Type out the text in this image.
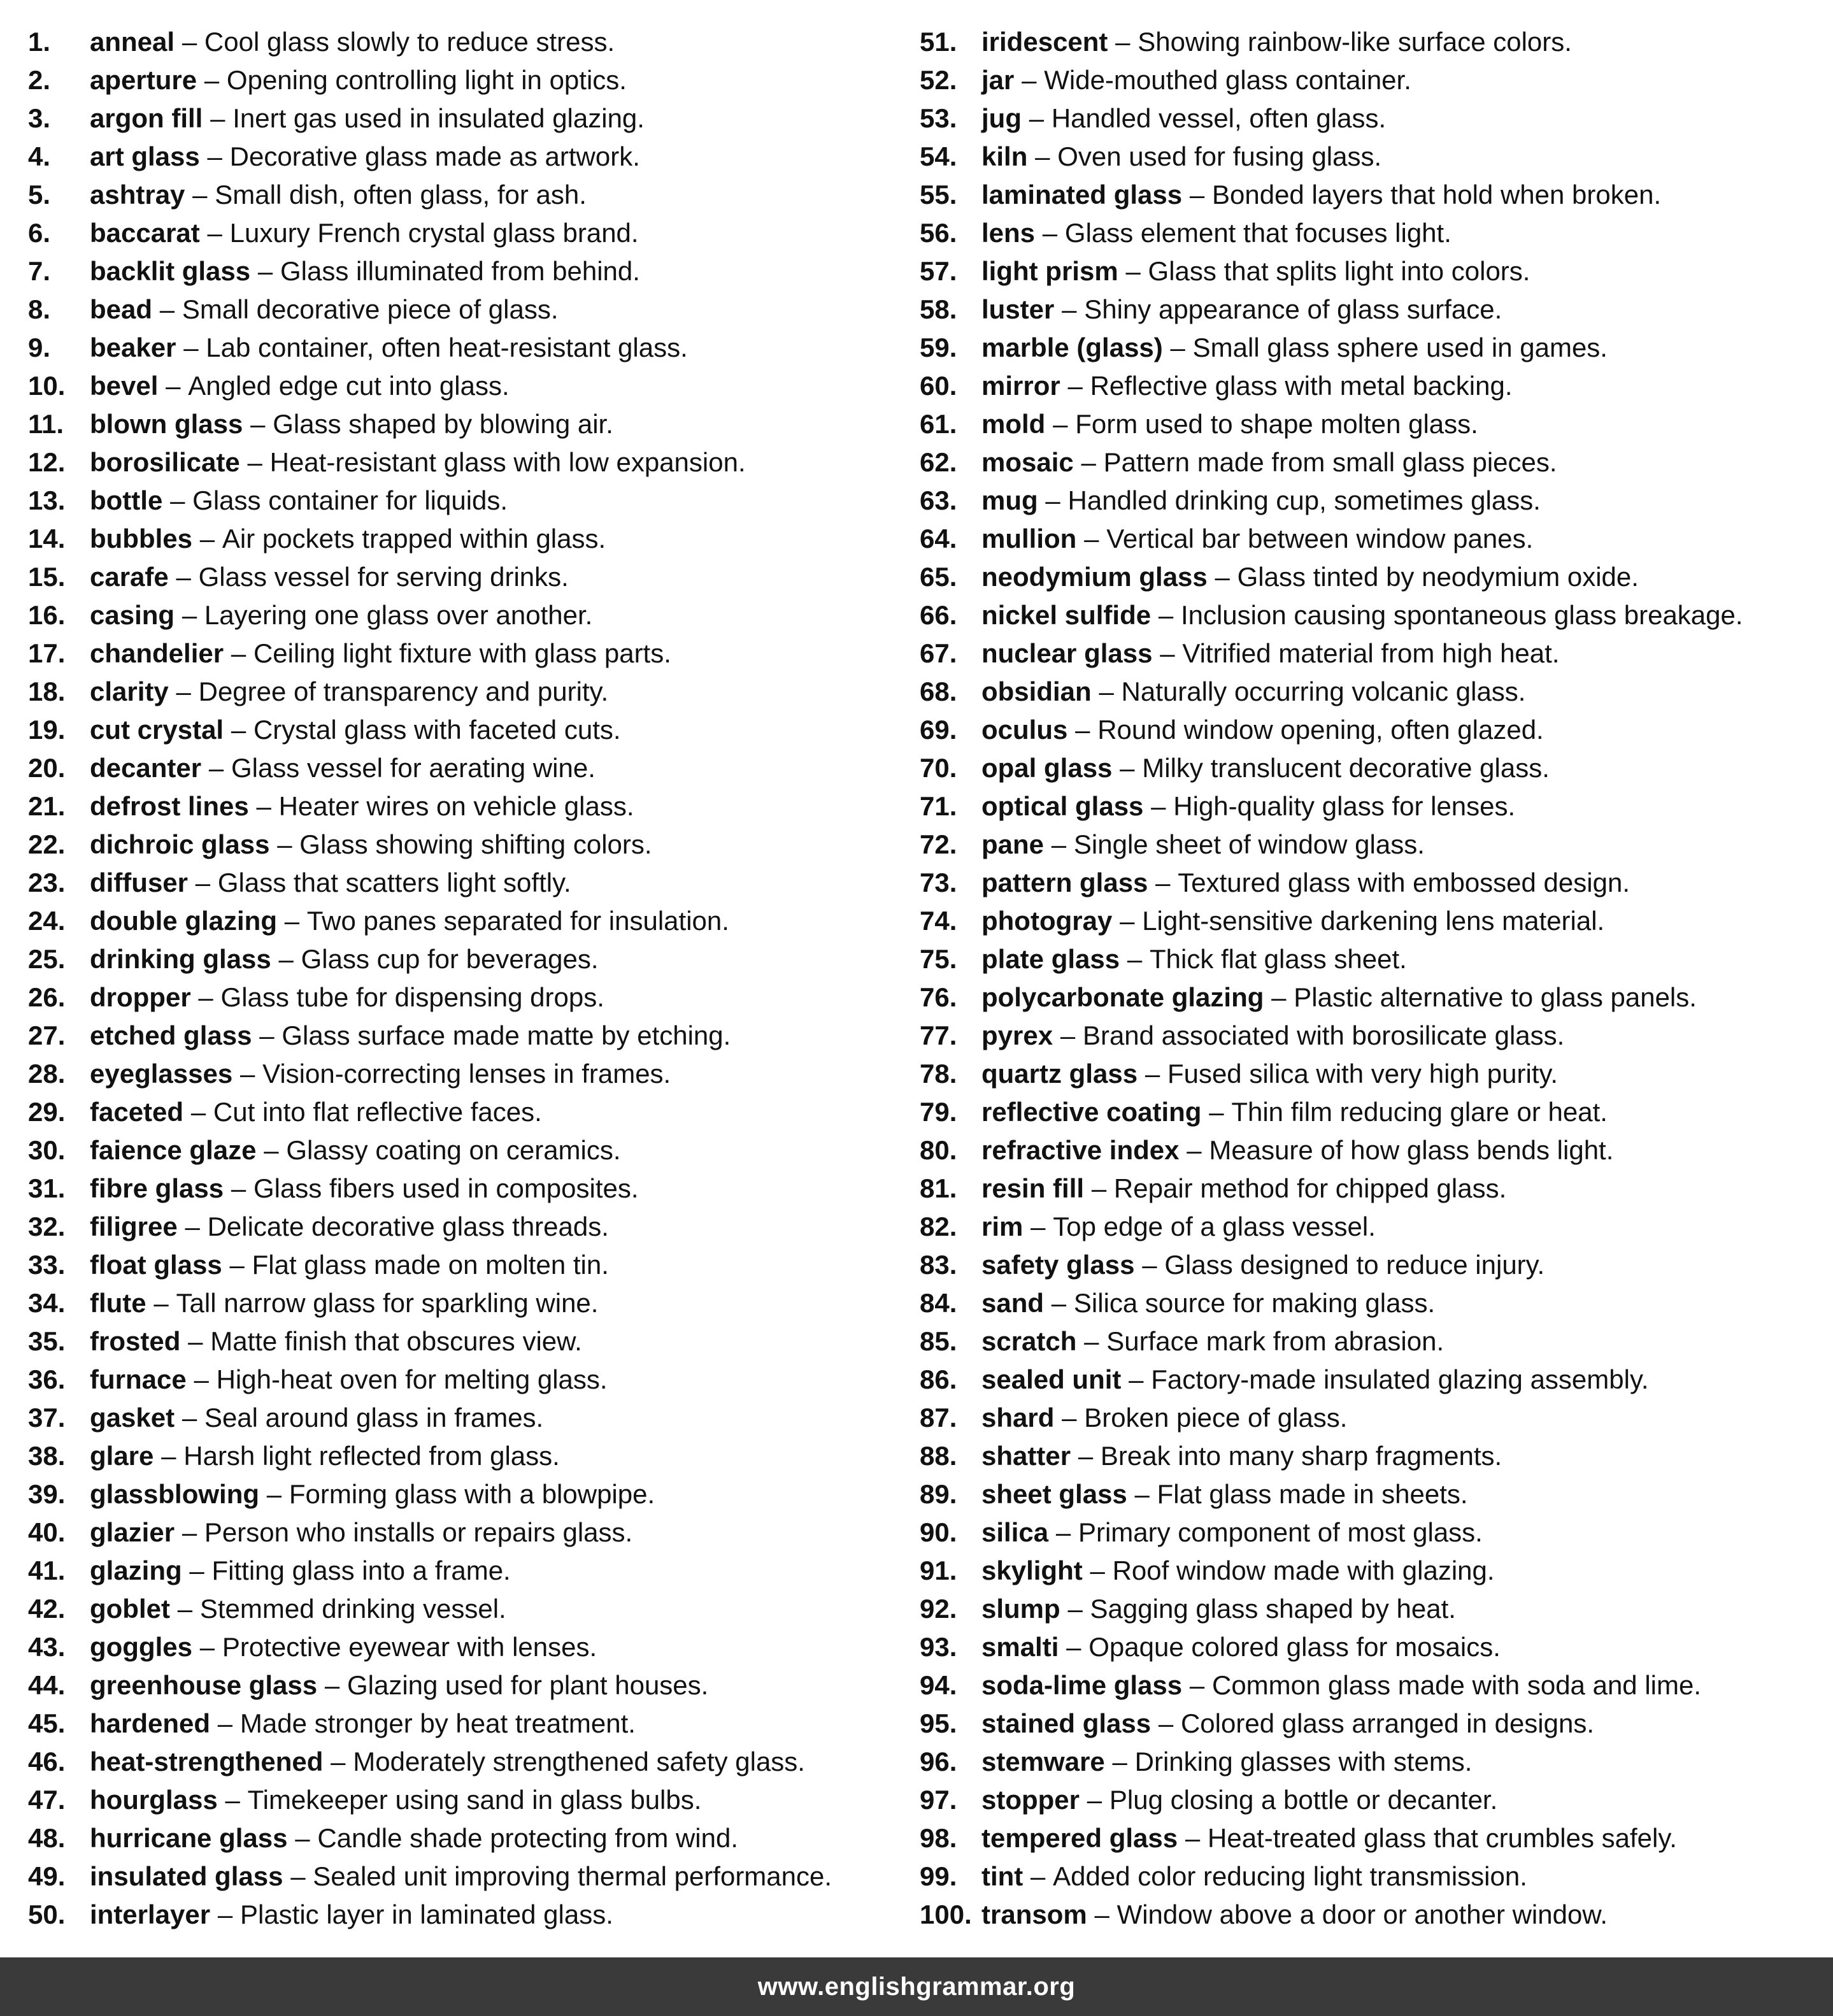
1.	anneal – Cool glass slowly to reduce stress.
2.	aperture – Opening controlling light in optics.
3.	argon fill – Inert gas used in insulated glazing.
4.	art glass – Decorative glass made as artwork.
5.	ashtray – Small dish, often glass, for ash.
6.	baccarat – Luxury French crystal glass brand.
7.	backlit glass – Glass illuminated from behind.
8.	bead – Small decorative piece of glass.
9.	beaker – Lab container, often heat-resistant glass.
10. bevel – Angled edge cut into glass.
11. blown glass – Glass shaped by blowing air.
12. borosilicate – Heat-resistant glass with low expansion.
13. bottle – Glass container for liquids.
14. bubbles – Air pockets trapped within glass.
15. carafe – Glass vessel for serving drinks.
16. casing – Layering one glass over another.
17. chandelier – Ceiling light fixture with glass parts.
18. clarity – Degree of transparency and purity.
19. cut crystal – Crystal glass with faceted cuts.
20. decanter – Glass vessel for aerating wine.
21. defrost lines – Heater wires on vehicle glass.
22. dichroic glass – Glass showing shifting colors.
23. diffuser – Glass that scatters light softly.
24. double glazing – Two panes separated for insulation.
25. drinking glass – Glass cup for beverages.
26. dropper – Glass tube for dispensing drops.
27. etched glass – Glass surface made matte by etching.
28. eyeglasses – Vision-correcting lenses in frames.
29. faceted – Cut into flat reflective faces.
30. faience glaze – Glassy coating on ceramics.
31. fibre glass – Glass fibers used in composites.
32. filigree – Delicate decorative glass threads.
33. float glass – Flat glass made on molten tin.
34. flute – Tall narrow glass for sparkling wine.
35. frosted – Matte finish that obscures view.
36. furnace – High-heat oven for melting glass.
37. gasket – Seal around glass in frames.
38. glare – Harsh light reflected from glass.
39. glassblowing – Forming glass with a blowpipe.
40. glazier – Person who installs or repairs glass.
41. glazing – Fitting glass into a frame.
42. goblet – Stemmed drinking vessel.
43. goggles – Protective eyewear with lenses.
44. greenhouse glass – Glazing used for plant houses.
45. hardened – Made stronger by heat treatment.
46. heat-strengthened – Moderately strengthened safety glass.
47. hourglass – Timekeeper using sand in glass bulbs.
48. hurricane glass – Candle shade protecting from wind.
49. insulated glass – Sealed unit improving thermal performance.
50. interlayer – Plastic layer in laminated glass.
51. iridescent – Showing rainbow-like surface colors.
52. jar – Wide-mouthed glass container.
53. jug – Handled vessel, often glass.
54. kiln – Oven used for fusing glass.
55. laminated glass – Bonded layers that hold when broken.
56. lens – Glass element that focuses light.
57. light prism – Glass that splits light into colors.
58. luster – Shiny appearance of glass surface.
59. marble (glass) – Small glass sphere used in games.
60. mirror – Reflective glass with metal backing.
61. mold – Form used to shape molten glass.
62. mosaic – Pattern made from small glass pieces.
63. mug – Handled drinking cup, sometimes glass.
64. mullion – Vertical bar between window panes.
65. neodymium glass – Glass tinted by neodymium oxide.
66. nickel sulfide – Inclusion causing spontaneous glass breakage.
67. nuclear glass – Vitrified material from high heat.
68. obsidian – Naturally occurring volcanic glass.
69. oculus – Round window opening, often glazed.
70. opal glass – Milky translucent decorative glass.
71. optical glass – High-quality glass for lenses.
72. pane – Single sheet of window glass.
73. pattern glass – Textured glass with embossed design.
74. photogray – Light-sensitive darkening lens material.
75. plate glass – Thick flat glass sheet.
76. polycarbonate glazing – Plastic alternative to glass panels.
77. pyrex – Brand associated with borosilicate glass.
78. quartz glass – Fused silica with very high purity.
79. reflective coating – Thin film reducing glare or heat.
80. refractive index – Measure of how glass bends light.
81. resin fill – Repair method for chipped glass.
82. rim – Top edge of a glass vessel.
83. safety glass – Glass designed to reduce injury.
84. sand – Silica source for making glass.
85. scratch – Surface mark from abrasion.
86. sealed unit – Factory-made insulated glazing assembly.
87. shard – Broken piece of glass.
88. shatter – Break into many sharp fragments.
89. sheet glass – Flat glass made in sheets.
90. silica – Primary component of most glass.
91. skylight – Roof window made with glazing.
92. slump – Sagging glass shaped by heat.
93. smalti – Opaque colored glass for mosaics.
94. soda-lime glass – Common glass made with soda and lime.
95. stained glass – Colored glass arranged in designs.
96. stemware – Drinking glasses with stems.
97. stopper – Plug closing a bottle or decanter.
98. tempered glass – Heat-treated glass that crumbles safely.
99. tint – Added color reducing light transmission.
100. transom – Window above a door or another window.
www.englishgrammar.org
